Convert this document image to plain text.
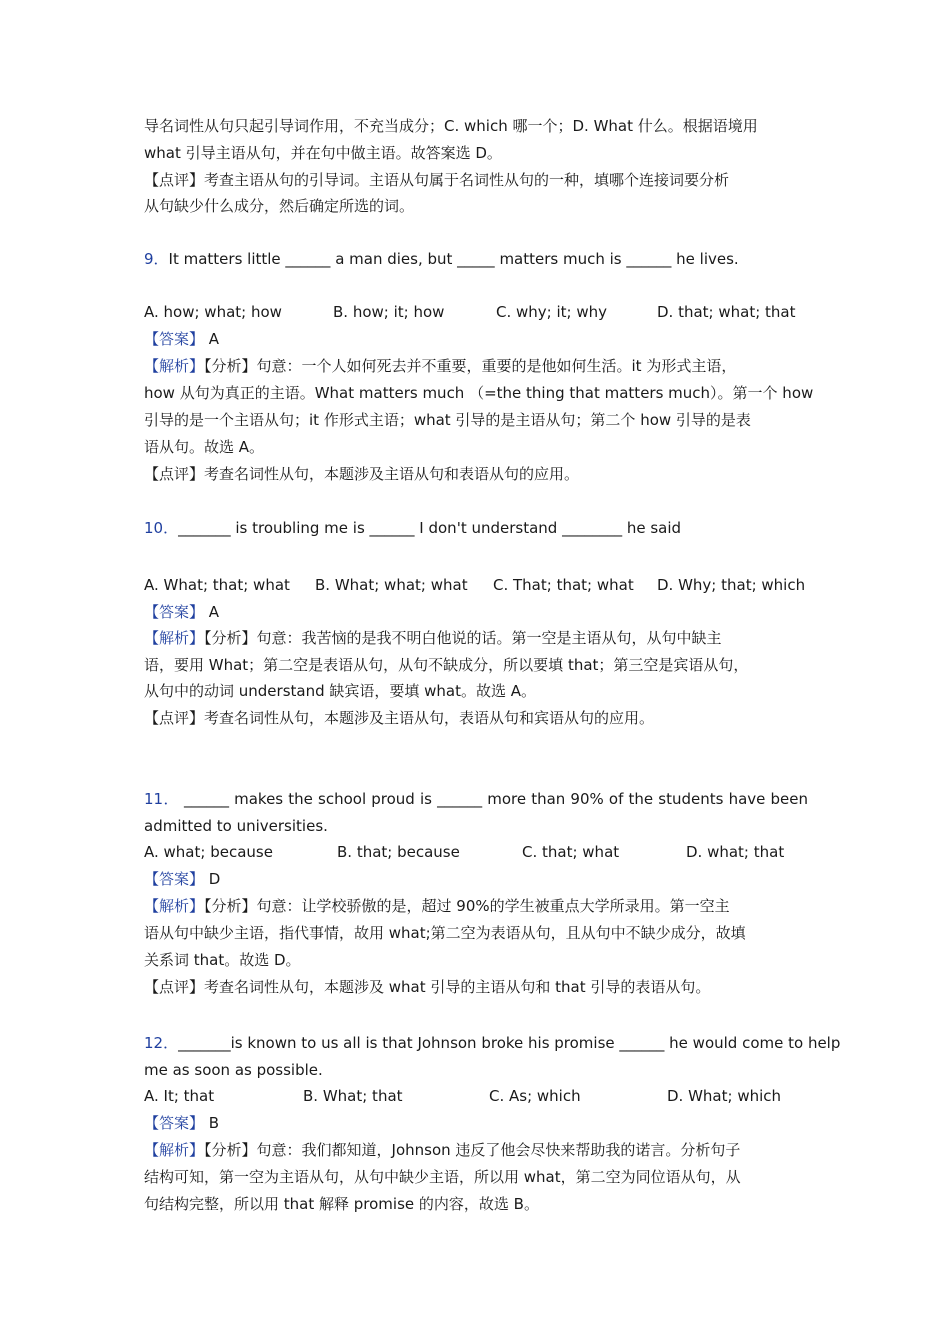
导名词性从句只起引导词作用，不充当成分；C. which 哪一个；D. What 什么。根据语境用
what 引导主语从句，并在句中做主语。故答案选 D。
【点评】考查主语从句的引导词。主语从句属于名词性从句的一种，填哪个连接词要分析
从句缺少什么成分，然后确定所选的词。
9．It matters little ______ a man dies, but _____ matters much is ______ he lives.
A. how; what; how	B. how; it; how	C. why; it; why	D. that; what; that
【答案】 A
【解析】【分析】句意：一个人如何死去并不重要，重要的是他如何生活。it 为形式主语，
how 从句为真正的主语。What matters much （=the thing that matters much）。第一个 how
引导的是一个主语从句；it 作形式主语；what 引导的是主语从句；第二个 how 引导的是表
语从句。故选 A。
【点评】考查名词性从句，本题涉及主语从句和表语从句的应用。
10．_______ is troubling me is ______ I don't understand ________ he said
A. What; that; what B. What; what; what C. That; that; what D. Why; that; which
【答案】 A
【解析】【分析】句意：我苦恼的是我不明白他说的话。第一空是主语从句，从句中缺主
语，要用 What；第二空是表语从句，从句不缺成分，所以要填 that；第三空是宾语从句，
从句中的动词 understand 缺宾语，要填 what。故选 A。
【点评】考查名词性从句，本题涉及主语从句，表语从句和宾语从句的应用。
11． ______ makes the school proud is ______ more than 90% of the students have been
admitted to universities.
A. what; because	B. that; because	C. that; what	D. what; that
【答案】 D
【解析】【分析】句意：让学校骄傲的是，超过 90%的学生被重点大学所录用。第一空主
语从句中缺少主语，指代事情，故用 what;第二空为表语从句，且从句中不缺少成分，故填
关系词 that。故选 D。
【点评】考查名词性从句，本题涉及 what 引导的主语从句和 that 引导的表语从句。
12．_______is known to us all is that Johnson broke his promise ______ he would come to help
me as soon as possible.
A. It; that	B. What; that	C. As; which	D. What; which
【答案】 B
【解析】【分析】句意：我们都知道，Johnson 违反了他会尽快来帮助我的诺言。分析句子
结构可知，第一空为主语从句，从句中缺少主语，所以用 what，第二空为同位语从句，从
句结构完整，所以用 that 解释 promise 的内容，故选 B。
